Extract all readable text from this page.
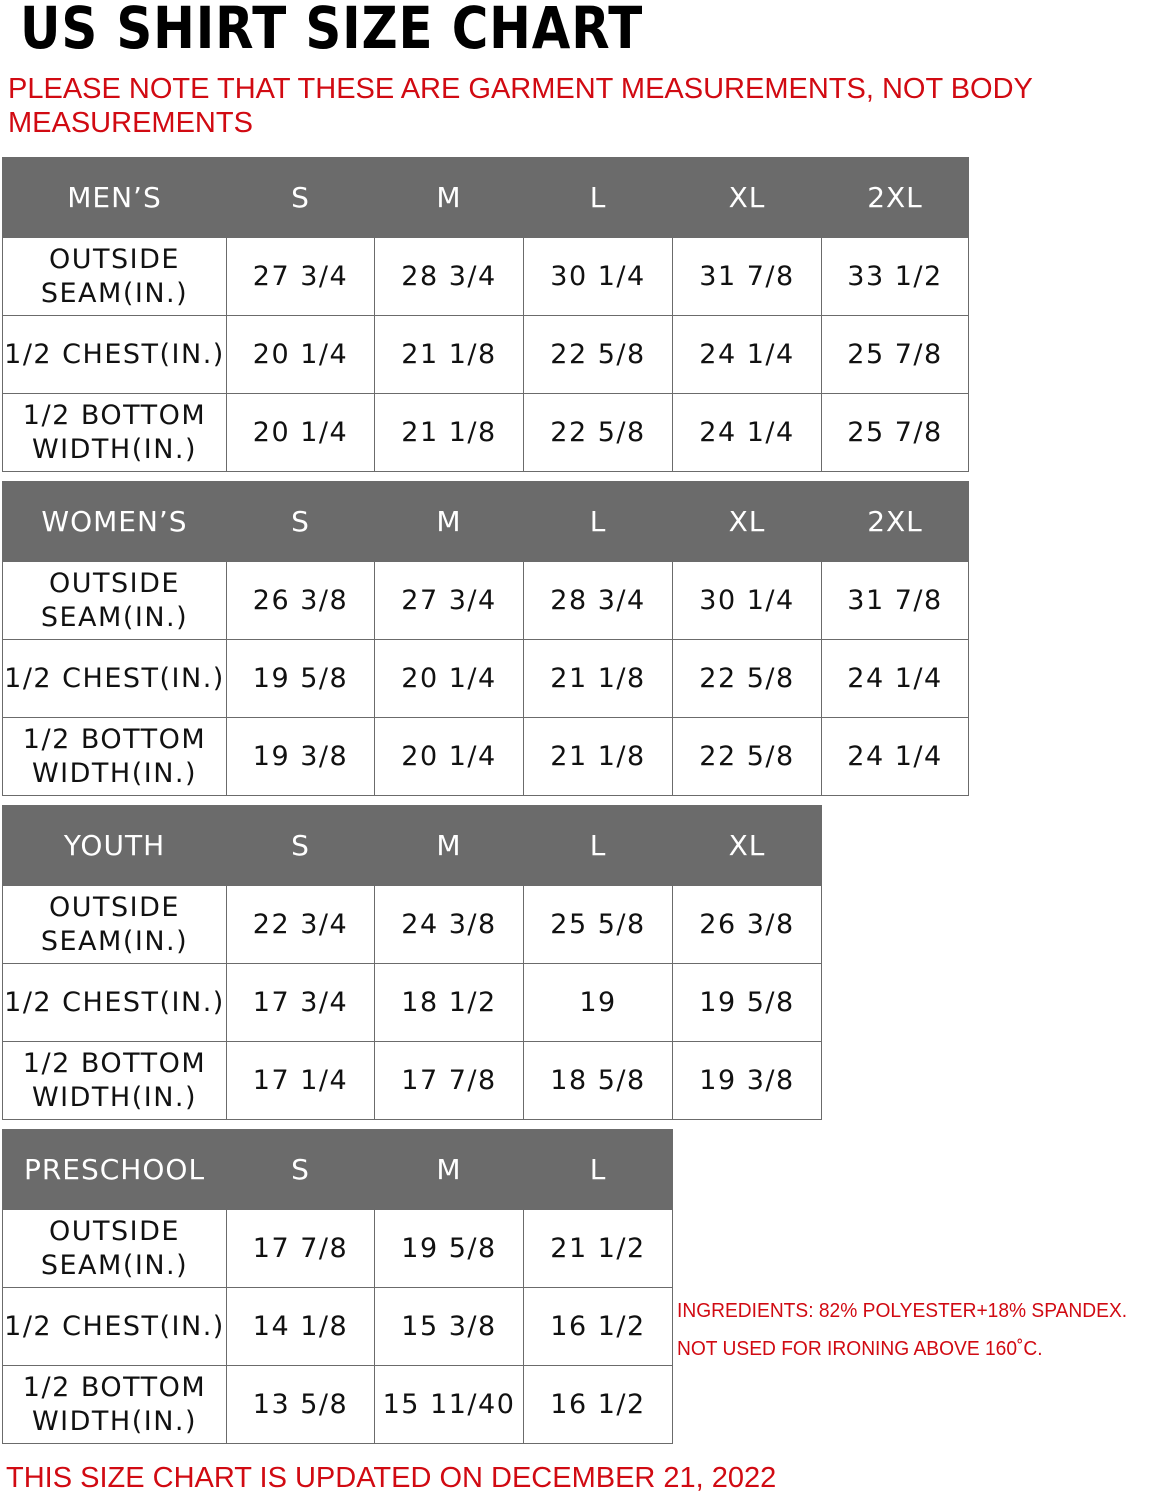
US SHIRT SIZE CHART
PLEASE NOTE THAT THESE ARE GARMENT MEASUREMENTS, NOT BODY MEASUREMENTS
MEN’S	S	M	L	XL	2XL
OUTSIDE
SEAM(IN.)	27 3/4	28 3/4	30 1/4	31 7/8	33 1/2
1/2 CHEST(IN.)	20 1/4	21 1/8	22 5/8	24 1/4	25 7/8
1/2 BOTTOM
WIDTH(IN.)	20 1/4	21 1/8	22 5/8	24 1/4	25 7/8
WOMEN’S	S	M	L	XL	2XL
OUTSIDE
SEAM(IN.)	26 3/8	27 3/4	28 3/4	30 1/4	31 7/8
1/2 CHEST(IN.)	19 5/8	20 1/4	21 1/8	22 5/8	24 1/4
1/2 BOTTOM
WIDTH(IN.)	19 3/8	20 1/4	21 1/8	22 5/8	24 1/4
YOUTH	S	M	L	XL
OUTSIDE
SEAM(IN.)	22 3/4	24 3/8	25 5/8	26 3/8
1/2 CHEST(IN.)	17 3/4	18 1/2	19	19 5/8
1/2 BOTTOM
WIDTH(IN.)	17 1/4	17 7/8	18 5/8	19 3/8
PRESCHOOL	S	M	L
OUTSIDE
SEAM(IN.)	17 7/8	19 5/8	21 1/2
1/2 CHEST(IN.)	14 1/8	15 3/8	16 1/2
1/2 BOTTOM
WIDTH(IN.)	13 5/8	15 11/40	16 1/2
INGREDIENTS: 82% POLYESTER+18% SPANDEX.
NOT USED FOR IRONING ABOVE 160˚C.
THIS SIZE CHART IS UPDATED ON DECEMBER 21, 2022
